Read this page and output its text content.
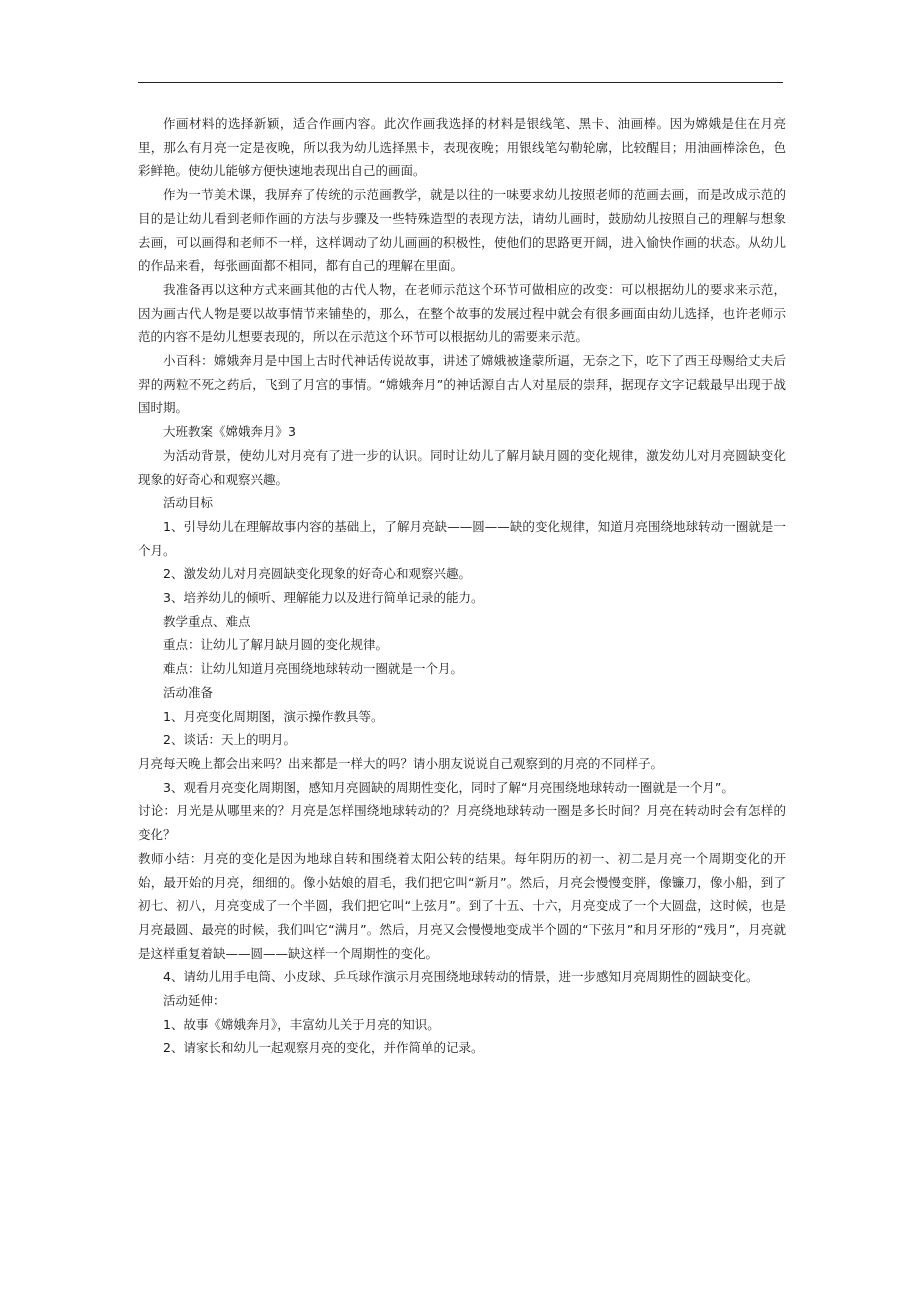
作画材料的选择新颖，适合作画内容。此次作画我选择的材料是银线笔、黑卡、油画棒。因为嫦娥是住在月亮里，那么有月亮一定是夜晚，所以我为幼儿选择黑卡，表现夜晚；用银线笔勾勒轮廓，比较醒目；用油画棒涂色，色彩鲜艳。使幼儿能够方便快速地表现出自己的画面。

作为一节美术课，我屏弃了传统的示范画教学，就是以往的一味要求幼儿按照老师的范画去画，而是改成示范的目的是让幼儿看到老师作画的方法与步骤及一些特殊造型的表现方法，请幼儿画时，鼓励幼儿按照自己的理解与想象去画，可以画得和老师不一样，这样调动了幼儿画画的积极性，使他们的思路更开阔，进入愉快作画的状态。从幼儿的作品来看，每张画面都不相同，都有自己的理解在里面。

我准备再以这种方式来画其他的古代人物，在老师示范这个环节可做相应的改变：可以根据幼儿的要求来示范，因为画古代人物是要以故事情节来铺垫的，那么，在整个故事的发展过程中就会有很多画面由幼儿选择，也许老师示范的内容不是幼儿想要表现的，所以在示范这个环节可以根据幼儿的需要来示范。

小百科：嫦娥奔月是中国上古时代神话传说故事，讲述了嫦娥被逢蒙所逼，无奈之下，吃下了西王母赐给丈夫后羿的两粒不死之药后，飞到了月宫的事情。“嫦娥奔月”的神话源自古人对星辰的崇拜，据现存文字记载最早出现于战国时期。

大班教案《嫦娥奔月》3

为活动背景，使幼儿对月亮有了进一步的认识。同时让幼儿了解月缺月圆的变化规律，激发幼儿对月亮圆缺变化现象的好奇心和观察兴趣。

活动目标

1、引导幼儿在理解故事内容的基础上，了解月亮缺——圆——缺的变化规律，知道月亮围绕地球转动一圈就是一个月。

2、激发幼儿对月亮圆缺变化现象的好奇心和观察兴趣。

3、培养幼儿的倾听、理解能力以及进行简单记录的能力。

教学重点、难点

重点：让幼儿了解月缺月圆的变化规律。

难点：让幼儿知道月亮围绕地球转动一圈就是一个月。

活动准备

1、月亮变化周期图，演示操作教具等。

2、谈话：天上的明月。

月亮每天晚上都会出来吗？出来都是一样大的吗？请小朋友说说自己观察到的月亮的不同样子。

3、观看月亮变化周期图，感知月亮圆缺的周期性变化，同时了解“月亮围绕地球转动一圈就是一个月”。

讨论：月光是从哪里来的？月亮是怎样围绕地球转动的？月亮绕地球转动一圈是多长时间？月亮在转动时会有怎样的变化？

教师小结：月亮的变化是因为地球自转和围绕着太阳公转的结果。每年阴历的初一、初二是月亮一个周期变化的开始，最开始的月亮，细细的。像小姑娘的眉毛，我们把它叫“新月”。然后，月亮会慢慢变胖，像镰刀，像小船，到了初七、初八，月亮变成了一个半圆，我们把它叫“上弦月”。到了十五、十六，月亮变成了一个大圆盘，这时候，也是月亮最圆、最亮的时候，我们叫它“满月”。然后，月亮又会慢慢地变成半个圆的“下弦月”和月牙形的“残月”，月亮就是这样重复着缺——圆——缺这样一个周期性的变化。

4、请幼儿用手电筒、小皮球、乒乓球作演示月亮围绕地球转动的情景，进一步感知月亮周期性的圆缺变化。

活动延伸：

1、故事《嫦娥奔月》，丰富幼儿关于月亮的知识。

2、请家长和幼儿一起观察月亮的变化，并作简单的记录。
